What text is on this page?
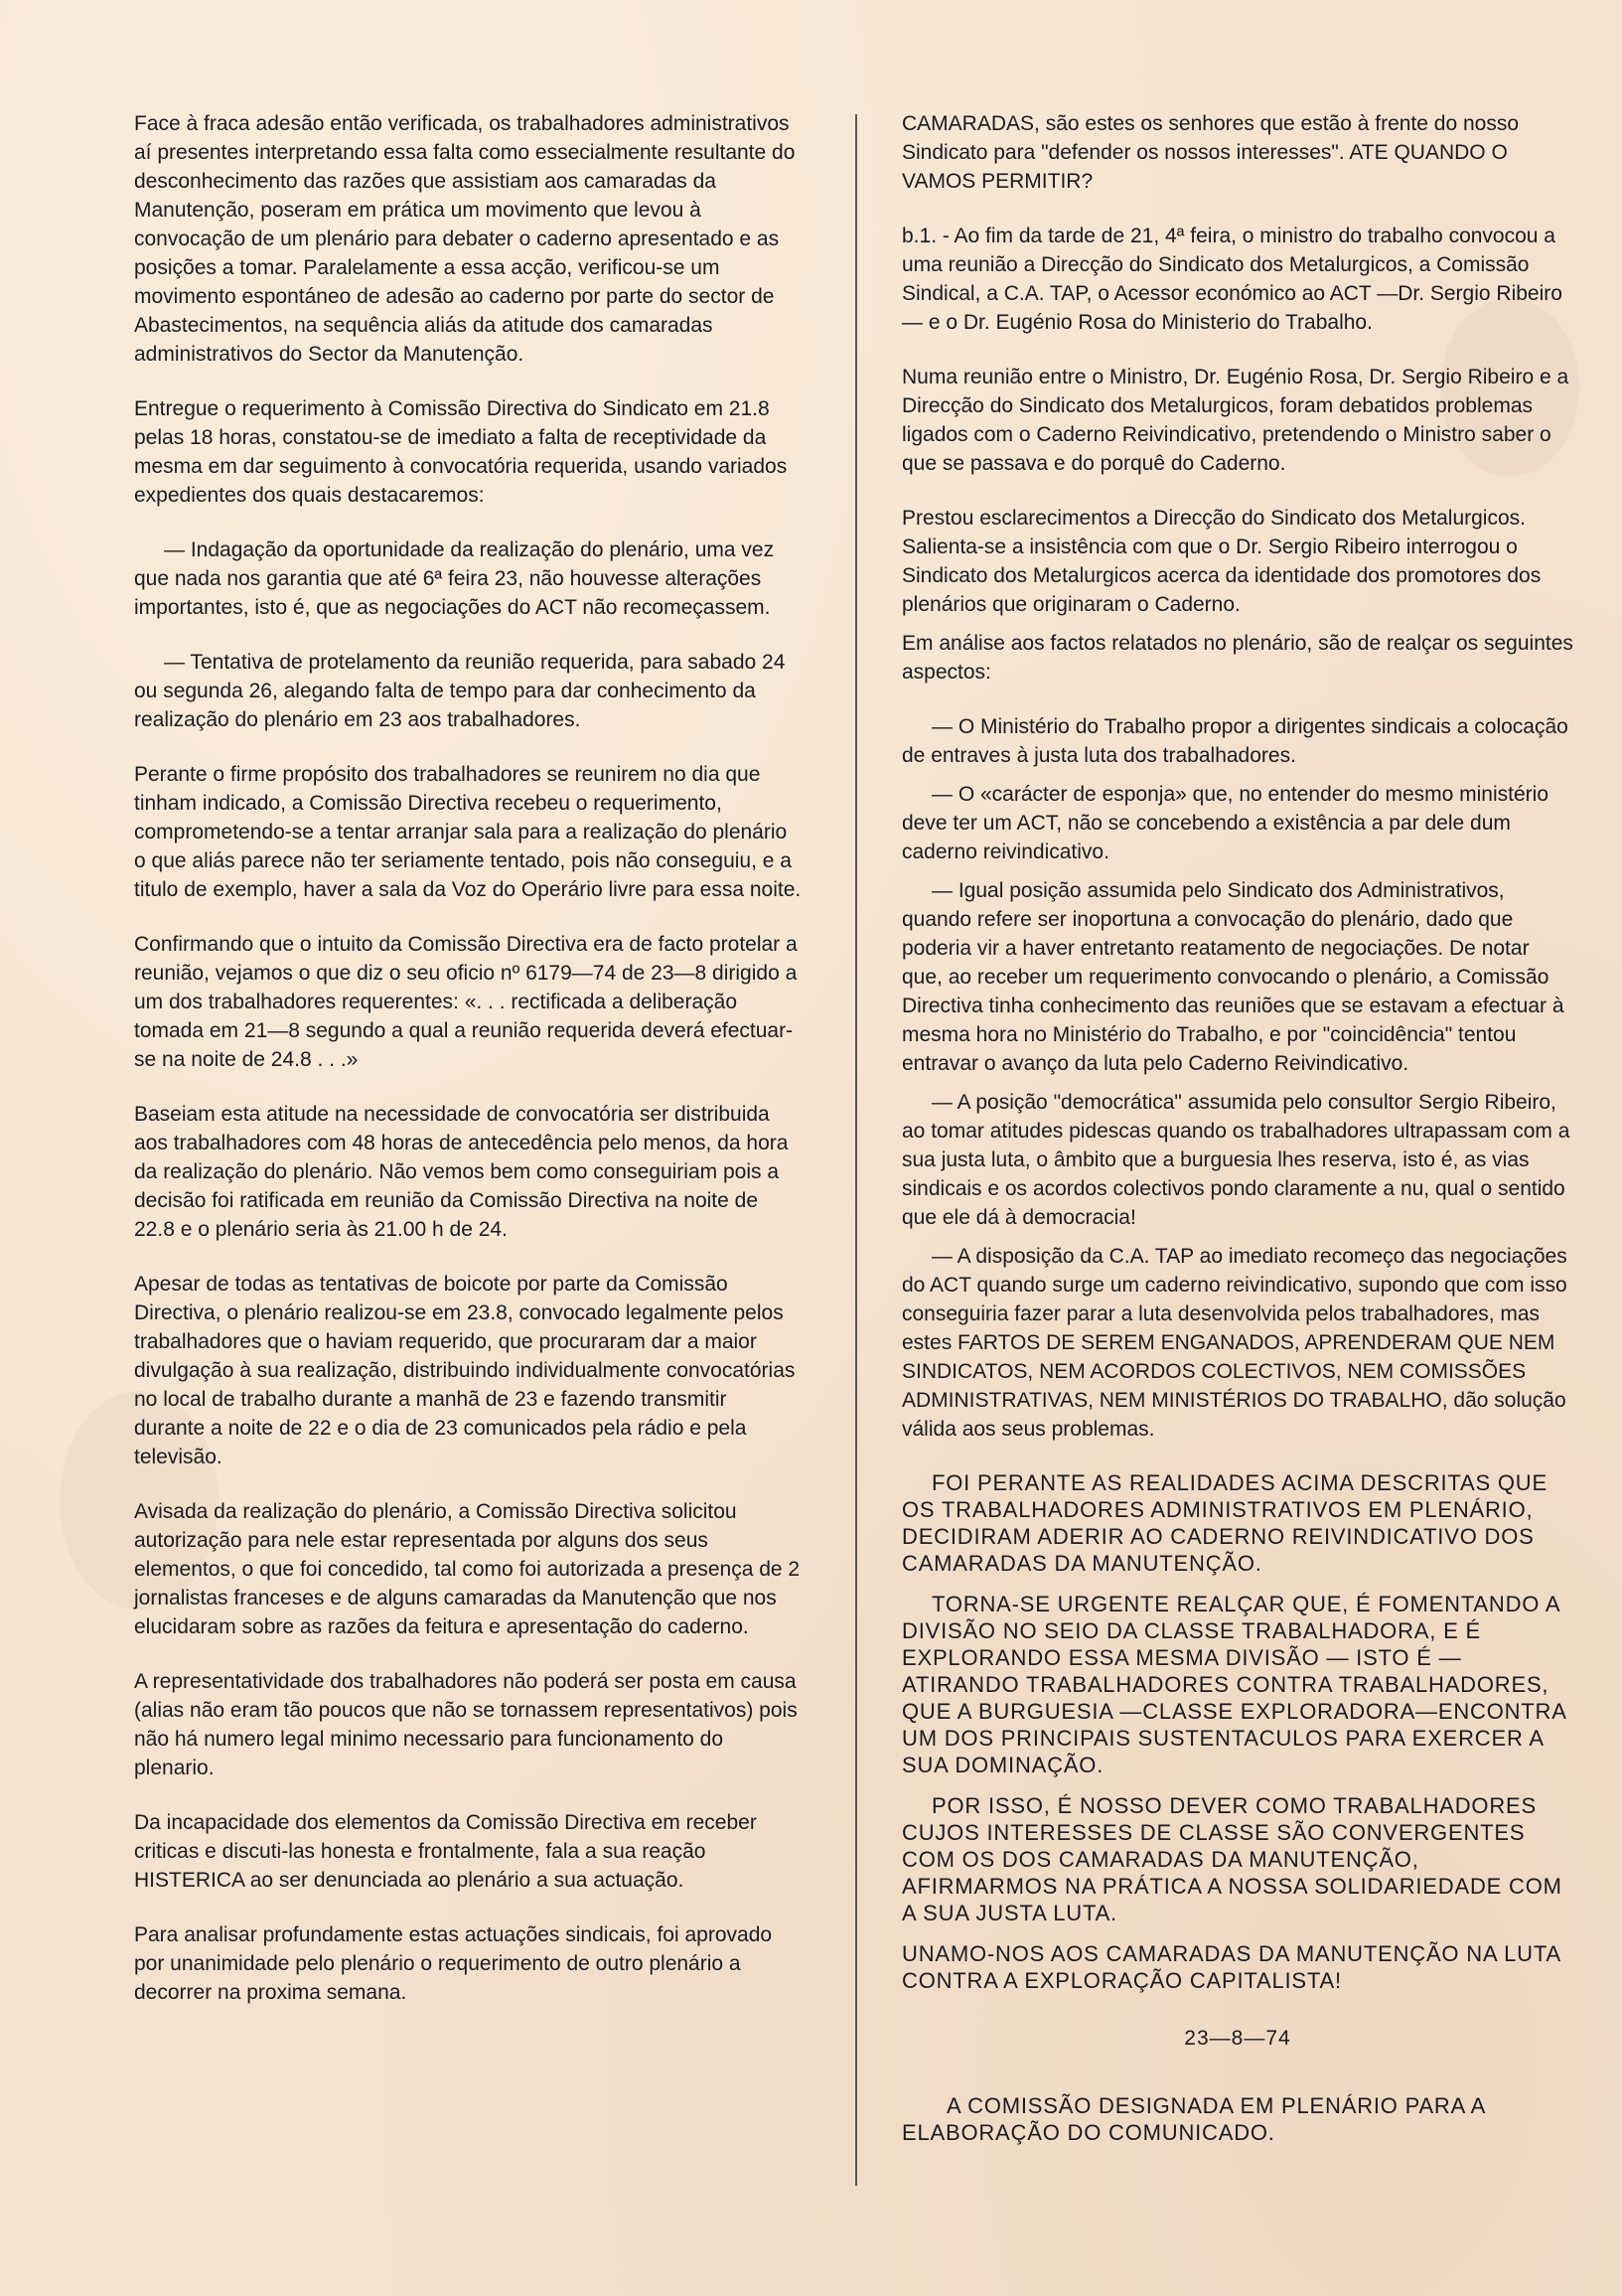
Face à fraca adesão então verificada, os trabalhadores administrativos aí presentes interpretando essa falta como essecialmente resultante do desconhecimento das razões que assistiam aos camaradas da Manutenção, poseram em prática um movimento que levou à convocação de um plenário para debater o caderno apresentado e as posições a tomar. Paralelamente a essa acção, verificou-se um movimento espontáneo de adesão ao caderno por parte do sector de Abastecimentos, na sequência aliás da atitude dos camaradas administrativos do Sector da Manutenção.

Entregue o requerimento à Comissão Directiva do Sindicato em 21.8 pelas 18 horas, constatou-se de imediato a falta de receptividade da mesma em dar seguimento à convocatória requerida, usando variados expedientes dos quais destacaremos:

— Indagação da oportunidade da realização do plenário, uma vez que nada nos garantia que até 6ª feira 23, não houvesse alterações importantes, isto é, que as negociações do ACT não recomeçassem.

— Tentativa de protelamento da reunião requerida, para sabado 24 ou segunda 26, alegando falta de tempo para dar conhecimento da realização do plenário em 23 aos trabalhadores.

Perante o firme propósito dos trabalhadores se reunirem no dia que tinham indicado, a Comissão Directiva recebeu o requerimento, comprometendo-se a tentar arranjar sala para a realização do plenário o que aliás parece não ter seriamente tentado, pois não conseguiu, e a titulo de exemplo, haver a sala da Voz do Operário livre para essa noite.

Confirmando que o intuito da Comissão Directiva era de facto protelar a reunião, vejamos o que diz o seu oficio nº 6179—74 de 23—8 dirigido a um dos trabalhadores requerentes: «. . . rectificada a deliberação tomada em 21—8 segundo a qual a reunião requerida deverá efectuar-se na noite de 24.8 . . .»

Baseiam esta atitude na necessidade de convocatória ser distribuida aos trabalhadores com 48 horas de antecedência pelo menos, da hora da realização do plenário. Não vemos bem como conseguiriam pois a decisão foi ratificada em reunião da Comissão Directiva na noite de 22.8 e o plenário seria às 21.00 h de 24.

Apesar de todas as tentativas de boicote por parte da Comissão Directiva, o plenário realizou-se em 23.8, convocado legalmente pelos trabalhadores que o haviam requerido, que procuraram dar a maior divulgação à sua realização, distribuindo individualmente convocatórias no local de trabalho durante a manhã de 23 e fazendo transmitir durante a noite de 22 e o dia de 23 comunicados pela rádio e pela televisão.

Avisada da realização do plenário, a Comissão Directiva solicitou autorização para nele estar representada por alguns dos seus elementos, o que foi concedido, tal como foi autorizada a presença de 2 jornalistas franceses e de alguns camaradas da Manutenção que nos elucidaram sobre as razões da feitura e apresentação do caderno.

A representatividade dos trabalhadores não poderá ser posta em causa (alias não eram tão poucos que não se tornassem representativos) pois não há numero legal minimo necessario para funcionamento do plenario.

Da incapacidade dos elementos da Comissão Directiva em receber criticas e discuti-las honesta e frontalmente, fala a sua reação HISTERICA ao ser denunciada ao plenário a sua actuação.

Para analisar profundamente estas actuações sindicais, foi aprovado por unanimidade pelo plenário o requerimento de outro plenário a decorrer na proxima semana.

CAMARADAS, são estes os senhores que estão à frente do nosso Sindicato para "defender os nossos interesses". ATE QUANDO O VAMOS PERMITIR?

b.1. - Ao fim da tarde de 21, 4ª feira, o ministro do trabalho convocou a uma reunião a Direcção do Sindicato dos Metalurgicos, a Comissão Sindical, a C.A. TAP, o Acessor económico ao ACT —Dr. Sergio Ribeiro— e o Dr. Eugénio Rosa do Ministerio do Trabalho.

Numa reunião entre o Ministro, Dr. Eugénio Rosa, Dr. Sergio Ribeiro e a Direcção do Sindicato dos Metalurgicos, foram debatidos problemas ligados com o Caderno Reivindicativo, pretendendo o Ministro saber o que se passava e do porquê do Caderno.

Prestou esclarecimentos a Direcção do Sindicato dos Metalurgicos. Salienta-se a insistência com que o Dr. Sergio Ribeiro interrogou o Sindicato dos Metalurgicos acerca da identidade dos promotores dos plenários que originaram o Caderno.

Em análise aos factos relatados no plenário, são de realçar os seguintes aspectos:

— O Ministério do Trabalho propor a dirigentes sindicais a colocação de entraves à justa luta dos trabalhadores.

— O «carácter de esponja» que, no entender do mesmo ministério deve ter um ACT, não se concebendo a existência a par dele dum caderno reivindicativo.

— Igual posição assumida pelo Sindicato dos Administrativos, quando refere ser inoportuna a convocação do plenário, dado que poderia vir a haver entretanto reatamento de negociações. De notar que, ao receber um requerimento convocando o plenário, a Comissão Directiva tinha conhecimento das reuniões que se estavam a efectuar à mesma hora no Ministério do Trabalho, e por "coincidência" tentou entravar o avanço da luta pelo Caderno Reivindicativo.

— A posição "democrática" assumida pelo consultor Sergio Ribeiro, ao tomar atitudes pidescas quando os trabalhadores ultrapassam com a sua justa luta, o âmbito que a burguesia lhes reserva, isto é, as vias sindicais e os acordos colectivos pondo claramente a nu, qual o sentido que ele dá à democracia!

— A disposição da C.A. TAP ao imediato recomeço das negociações do ACT quando surge um caderno reivindicativo, supondo que com isso conseguiria fazer parar a luta desenvolvida pelos trabalhadores, mas estes FARTOS DE SEREM ENGANADOS, APRENDERAM QUE NEM SINDICATOS, NEM ACORDOS COLECTIVOS, NEM COMISSÕES ADMINISTRATIVAS, NEM MINISTÉRIOS DO TRABALHO, dão solução válida aos seus problemas.

FOI PERANTE AS REALIDADES ACIMA DESCRITAS QUE OS TRABALHADORES ADMINISTRATIVOS EM PLENÁRIO, DECIDIRAM ADERIR AO CADERNO REIVINDICATIVO DOS CAMARADAS DA MANUTENÇÃO.

TORNA-SE URGENTE REALÇAR QUE, É FOMENTANDO A DIVISÃO NO SEIO DA CLASSE TRABALHADORA, E É EXPLORANDO ESSA MESMA DIVISÃO — ISTO É — ATIRANDO TRABALHADORES CONTRA TRABALHADORES, QUE A BURGUESIA —CLASSE EXPLORADORA—ENCONTRA UM DOS PRINCIPAIS SUSTENTACULOS PARA EXERCER A SUA DOMINAÇÃO.

POR ISSO, É NOSSO DEVER COMO TRABALHADORES CUJOS INTERESSES DE CLASSE SÃO CONVERGENTES COM OS DOS CAMARADAS DA MANUTENÇÃO, AFIRMARMOS NA PRÁTICA A NOSSA SOLIDARIEDADE COM A SUA JUSTA LUTA.

UNAMO-NOS AOS CAMARADAS DA MANUTENÇÃO NA LUTA CONTRA A EXPLORAÇÃO CAPITALISTA!

23—8—74

A COMISSÃO DESIGNADA EM PLENÁRIO PARA A ELABORAÇÃO DO COMUNICADO.
